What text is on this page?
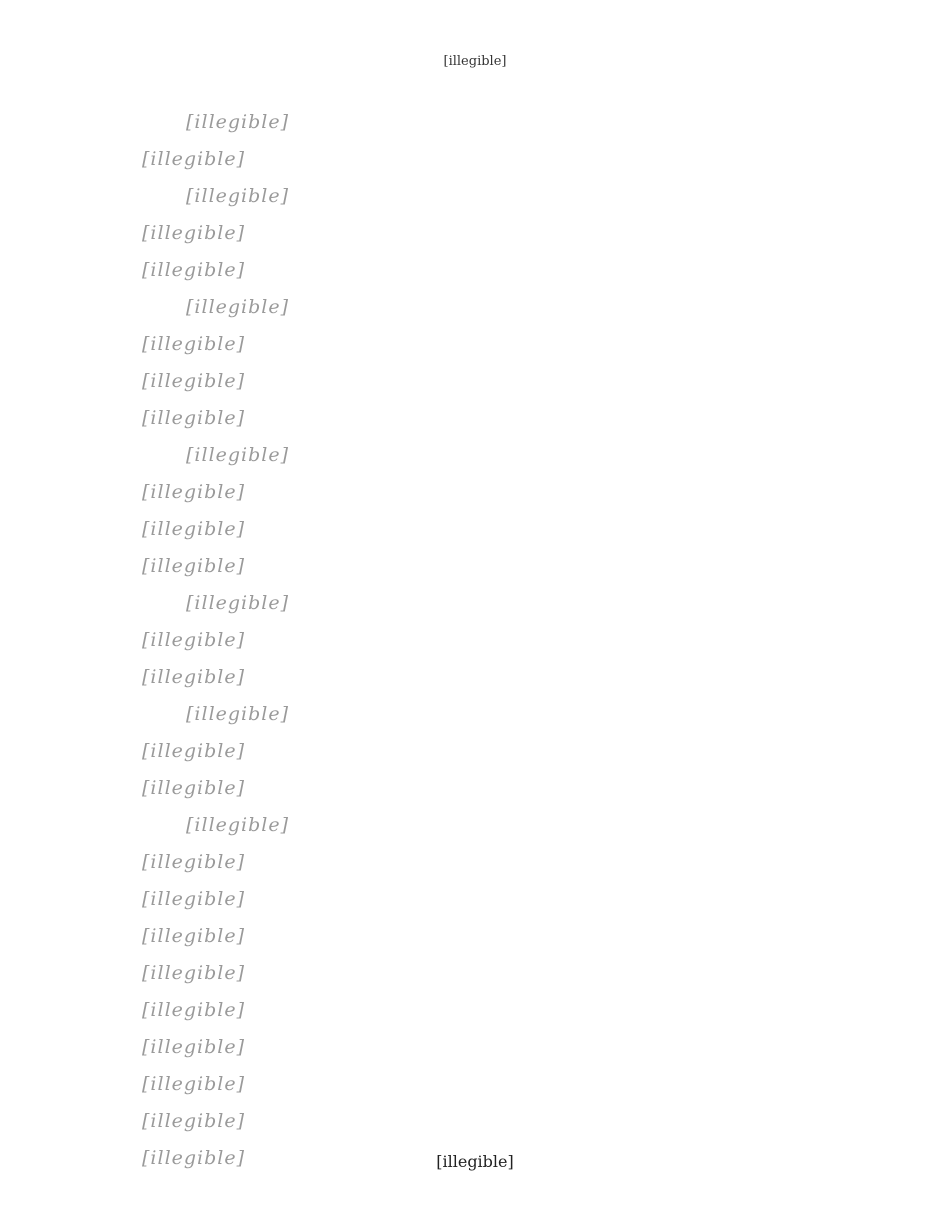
[illegible]
[illegible]
[illegible]
[illegible]
[illegible]
[illegible]
[illegible]
[illegible]
[illegible]
[illegible]
[illegible]
[illegible]
[illegible]
[illegible]
[illegible]
[illegible]
[illegible]
[illegible]
[illegible]
[illegible]
[illegible]
[illegible]
[illegible]
[illegible]
[illegible]
[illegible]
[illegible]
[illegible]
[illegible]
[illegible]	[illegible]
